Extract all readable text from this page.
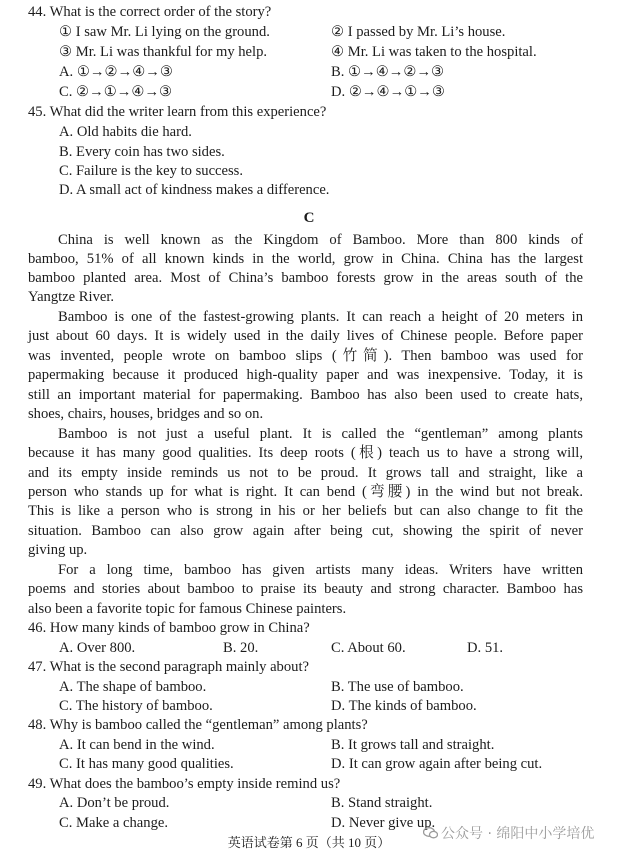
44. What is the correct order of the story?
① I saw Mr. Li lying on the ground.	② I passed by Mr. Li’s house.
③ Mr. Li was thankful for my help.	④ Mr. Li was taken to the hospital.
A. ①→②→④→③	B. ①→④→②→③
C. ②→①→④→③	D. ②→④→①→③
45. What did the writer learn from this experience?
A. Old habits die hard.
B. Every coin has two sides.
C. Failure is the key to success.
D. A small act of kindness makes a difference.
C
China is well known as the Kingdom of Bamboo. More than 800 kinds of
bamboo, 51% of all known kinds in the world, grow in China. China has the largest
bamboo planted area. Most of China’s bamboo forests grow in the areas south of the
Yangtze River.
Bamboo is one of the fastest-growing plants. It can reach a height of 20 meters in
just about 60 days. It is widely used in the daily lives of Chinese people. Before paper
was invented, people wrote on bamboo slips (竹简). Then bamboo was used for
papermaking because it produced high-quality paper and was inexpensive. Today, it is
still an important material for papermaking. Bamboo has also been used to create hats,
shoes, chairs, houses, bridges and so on.
Bamboo is not just a useful plant. It is called the “gentleman” among plants
because it has many good qualities. Its deep roots (根) teach us to have a strong will,
and its empty inside reminds us not to be proud. It grows tall and straight, like a
person who stands up for what is right. It can bend (弯腰) in the wind but not break.
This is like a person who is strong in his or her beliefs but can also change to fit the
situation. Bamboo can also grow again after being cut, showing the spirit of never
giving up.
For a long time, bamboo has given artists many ideas. Writers have written
poems and stories about bamboo to praise its beauty and strong character. Bamboo has
also been a favorite topic for famous Chinese painters.
46. How many kinds of bamboo grow in China?
A. Over 800.	B. 20.	C. About 60.	D. 51.
47. What is the second paragraph mainly about?
A. The shape of bamboo.	B. The use of bamboo.
C. The history of bamboo.	D. The kinds of bamboo.
48. Why is bamboo called the “gentleman” among plants?
A. It can bend in the wind.	B. It grows tall and straight.
C. It has many good qualities.	D. It can grow again after being cut.
49. What does the bamboo’s empty inside remind us?
A. Don’t be proud.	B. Stand straight.
C. Make a change.	D. Never give up.
英语试卷第 6 页（共 10 页）
公众号 · 绵阳中小学培优
